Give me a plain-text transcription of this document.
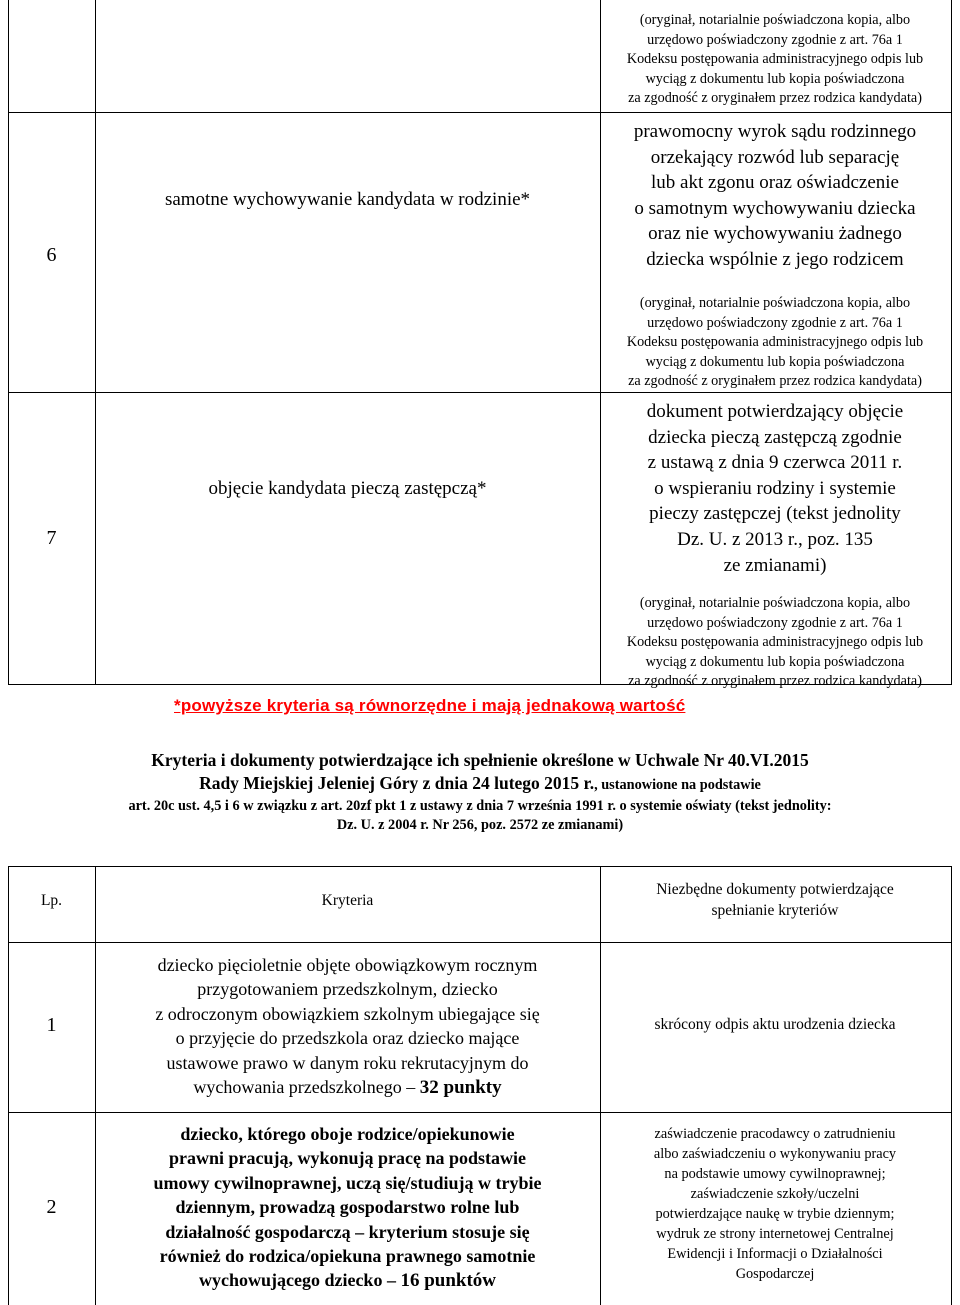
(oryginał, notarialnie poświadczona kopia, albo
urzędowo poświadczony zgodnie z art. 76a 1
Kodeksu postępowania administracyjnego odpis lub
wyciąg z dokumentu lub kopia poświadczona
za zgodność z oryginałem przez rodzica kandydata)
6
samotne wychowywanie kandydata w rodzinie*
prawomocny wyrok sądu rodzinnego
orzekający rozwód lub separację
lub akt zgonu oraz oświadczenie
o samotnym wychowywaniu dziecka
oraz nie wychowywaniu żadnego
dziecka wspólnie z jego rodzicem
(oryginał, notarialnie poświadczona kopia, albo
urzędowo poświadczony zgodnie z art. 76a 1
Kodeksu postępowania administracyjnego odpis lub
wyciąg z dokumentu lub kopia poświadczona
za zgodność z oryginałem przez rodzica kandydata)
7
objęcie kandydata pieczą zastępczą*
dokument potwierdzający objęcie
dziecka pieczą zastępczą zgodnie
z ustawą z dnia 9 czerwca 2011 r.
o wspieraniu rodziny i systemie
pieczy zastępczej (tekst jednolity
Dz. U. z 2013 r., poz. 135
ze zmianami)
(oryginał, notarialnie poświadczona kopia, albo
urzędowo poświadczony zgodnie z art. 76a 1
Kodeksu postępowania administracyjnego odpis lub
wyciąg z dokumentu lub kopia poświadczona
za zgodność z oryginałem przez rodzica kandydata)
*powyższe kryteria są równorzędne i mają jednakową wartość
Kryteria i dokumenty potwierdzające ich spełnienie określone w Uchwale Nr 40.VI.2015
Rady Miejskiej Jeleniej Góry z dnia 24 lutego 2015 r., ustanowione na podstawie
art. 20c ust. 4,5 i 6 w związku z art. 20zf pkt 1 z ustawy z dnia 7 września 1991 r. o systemie oświaty (tekst jednolity:
Dz. U. z 2004 r. Nr 256, poz. 2572 ze zmianami)
Lp.	Kryteria
Niezbędne dokumenty potwierdzające
spełnianie kryteriów
1
dziecko pięcioletnie objęte obowiązkowym rocznym
przygotowaniem przedszkolnym, dziecko
z odroczonym obowiązkiem szkolnym ubiegające się
o przyjęcie do przedszkola oraz dziecko mające
ustawowe prawo w danym roku rekrutacyjnym do
wychowania przedszkolnego – 32 punkty
skrócony odpis aktu urodzenia dziecka
2
dziecko, którego oboje rodzice/opiekunowie
prawni pracują, wykonują pracę na podstawie
umowy cywilnoprawnej, uczą się/studiują w trybie
dziennym, prowadzą gospodarstwo rolne lub
działalność gospodarczą – kryterium stosuje się
również do rodzica/opiekuna prawnego samotnie
wychowującego dziecko – 16 punktów
zaświadczenie pracodawcy o zatrudnieniu
albo zaświadczeniu o wykonywaniu pracy
na podstawie umowy cywilnoprawnej;
zaświadczenie szkoły/uczelni
potwierdzające naukę w trybie dziennym;
wydruk ze strony internetowej Centralnej
Ewidencji i Informacji o Działalności
Gospodarczej
